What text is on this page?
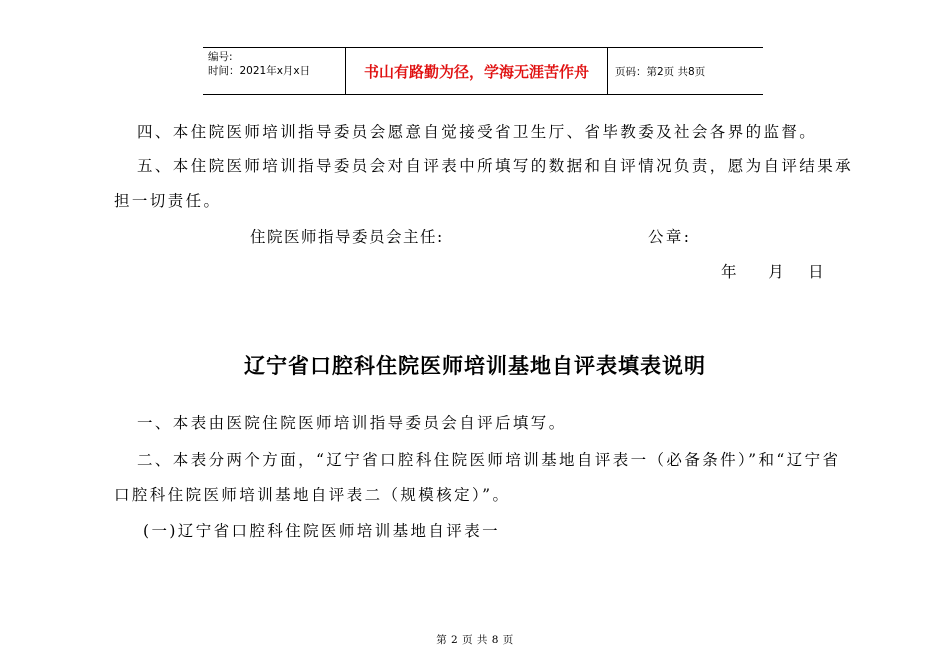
编号:
时间：2021年x月x日	书山有路勤为径，学海无涯苦作舟	页码：第2页 共8页
四、本住院医师培训指导委员会愿意自觉接受省卫生厅、省毕教委及社会各界的监督。
五、本住院医师培训指导委员会对自评表中所填写的数据和自评情况负责，愿为自评结果承
担一切责任。
住院医师指导委员会主任:	公章:
年    月   日
辽宁省口腔科住院医师培训基地自评表填表说明
一、本表由医院住院医师培训指导委员会自评后填写。
二、本表分两个方面，“辽宁省口腔科住院医师培训基地自评表一（必备条件）”和“辽宁省
口腔科住院医师培训基地自评表二（规模核定）”。
(一)辽宁省口腔科住院医师培训基地自评表一
第 2 页 共 8 页
